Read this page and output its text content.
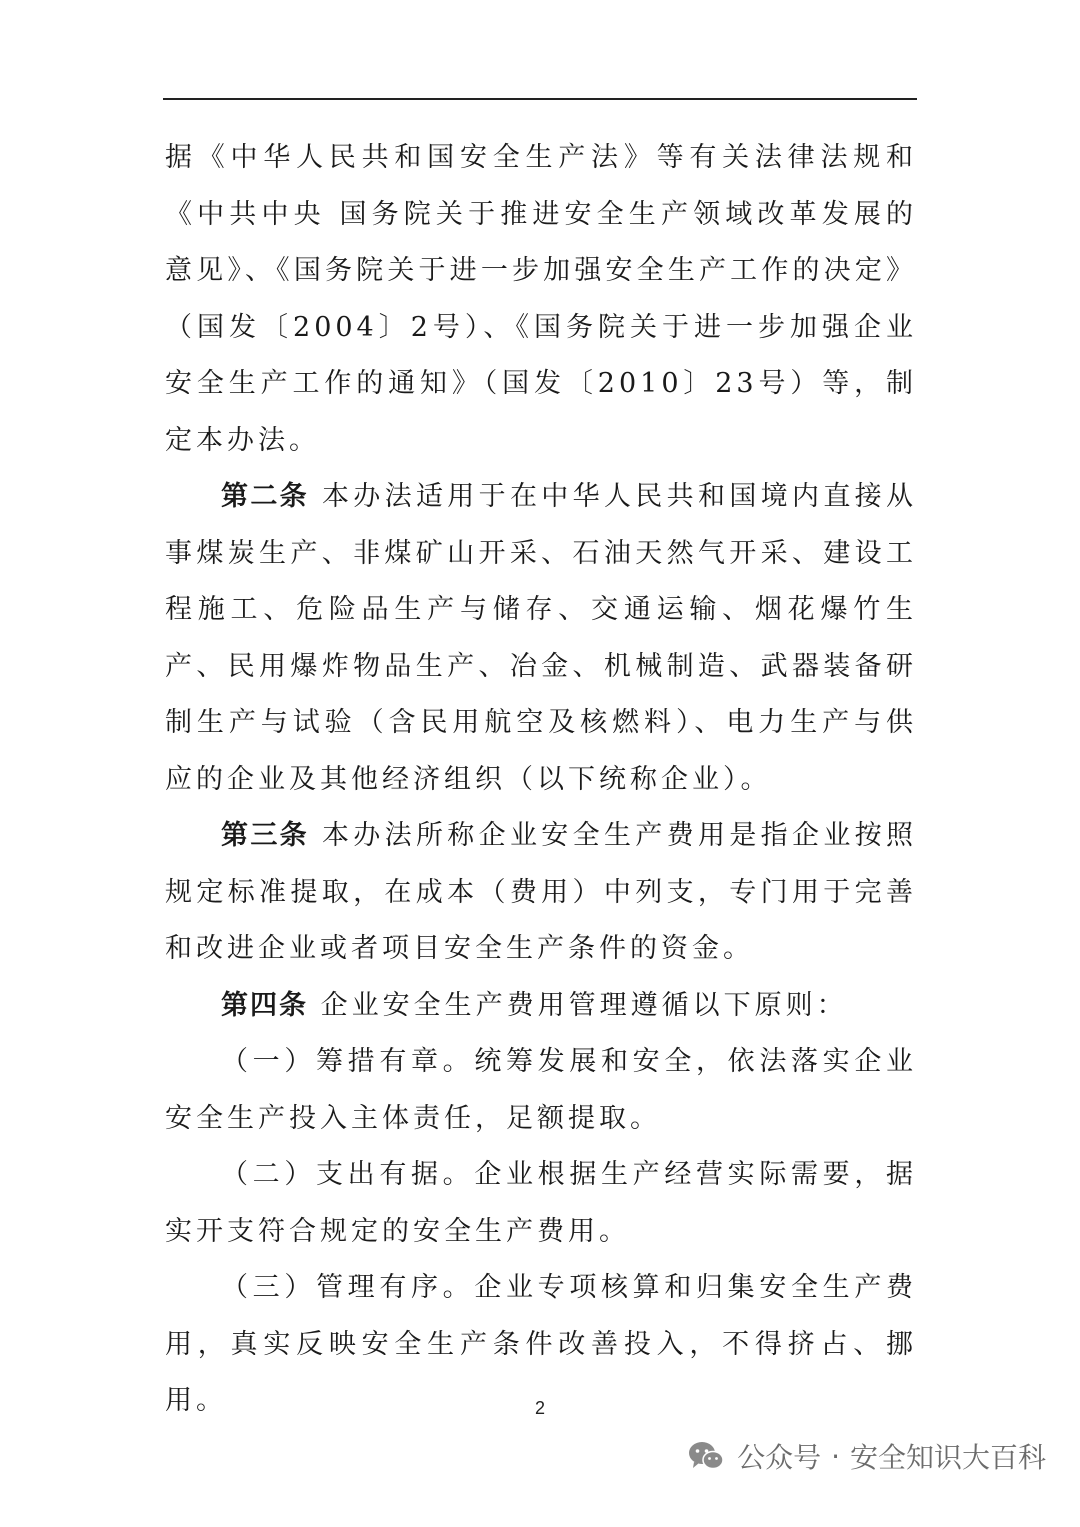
据《中华人民共和国安全生产法》等有关法律法规和《中共中央 国务院关于推进安全生产领域改革发展的意见》、《国务院关于进一步加强安全生产工作的决定》（国发〔2004〕2号）、《国务院关于进一步加强企业安全生产工作的通知》（国发〔2010〕23号）等，制定本办法。

第二条 本办法适用于在中华人民共和国境内直接从事煤炭生产、非煤矿山开采、石油天然气开采、建设工程施工、危险品生产与储存、交通运输、烟花爆竹生产、民用爆炸物品生产、冶金、机械制造、武器装备研制生产与试验（含民用航空及核燃料）、电力生产与供应的企业及其他经济组织（以下统称企业）。

第三条 本办法所称企业安全生产费用是指企业按照规定标准提取，在成本（费用）中列支，专门用于完善和改进企业或者项目安全生产条件的资金。

第四条 企业安全生产费用管理遵循以下原则：

（一）筹措有章。统筹发展和安全，依法落实企业安全生产投入主体责任，足额提取。

（二）支出有据。企业根据生产经营实际需要，据实开支符合规定的安全生产费用。

（三）管理有序。企业专项核算和归集安全生产费用，真实反映安全生产条件改善投入，不得挤占、挪用。	2
公众号 · 安全知识大百科
